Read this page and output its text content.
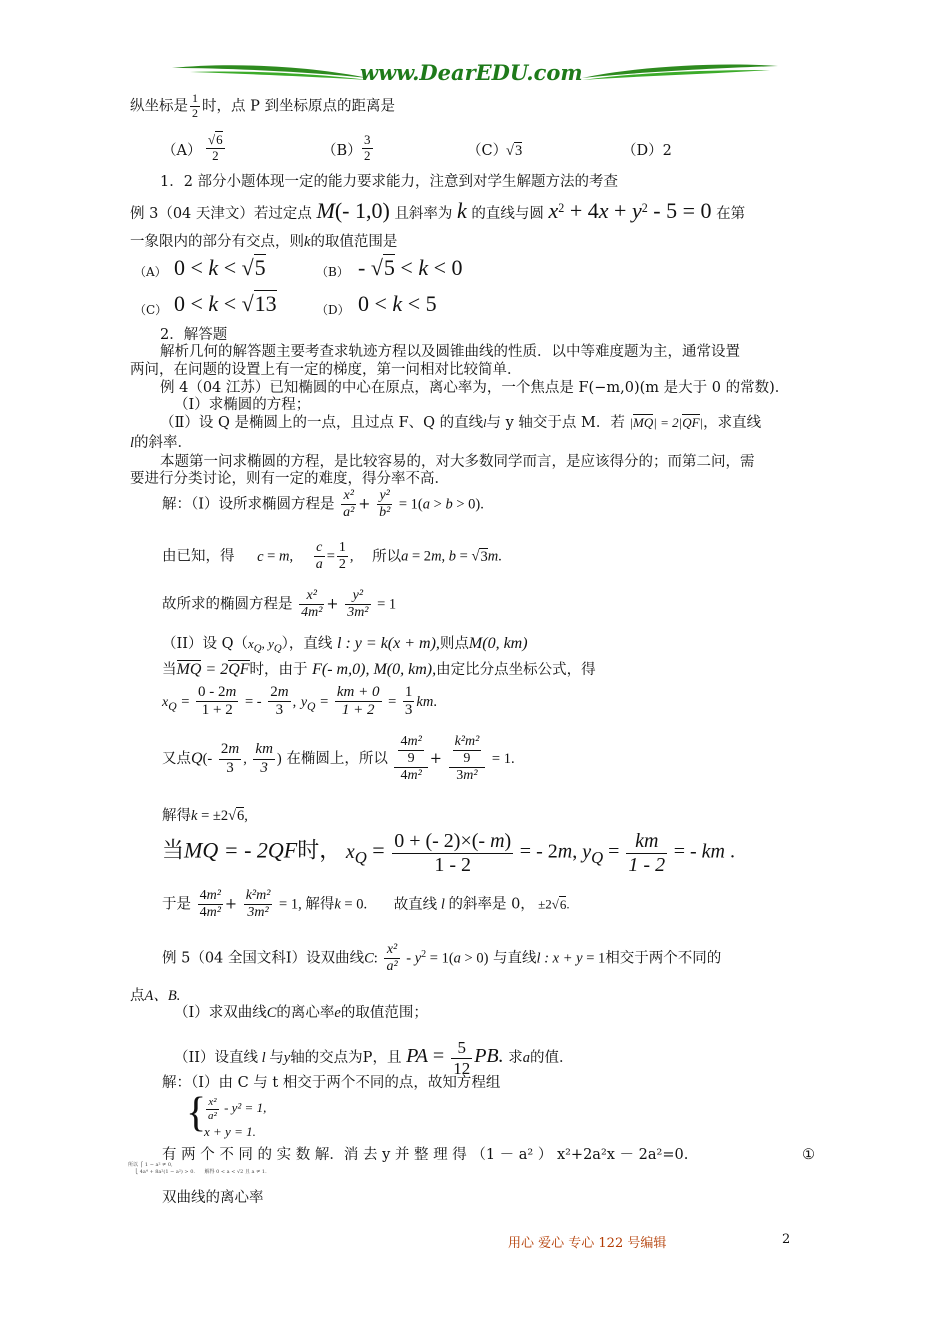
www.DearEDU.com
纵坐标是 $\frac{1}{2}$ 时，点 P 到坐标原点的距离是
$(A) \frac{√6}{2}$	$(B) \frac{3}{2}$	（C）
√3	（D）2
1．2 部分小题体现一定的能力要求能力，注意到对学生解题方法的考查
例 3（04 天津文）若过定点 M(- 1,0) 且斜率为 k 的直线与圆 $x^2 + 4x + y^2 - 5 = 0$ 在第
一象限内的部分有交点，则k的取值范围是
（A） 0 < k < √5	（B） - √5 < k < 0
（C） 0 < k < √13	（D） 0 < k < 5
2．解答题
解析几何的解答题主要考查求轨迹方程以及圆锥曲线的性质．以中等难度题为主，通常设置
两问，在问题的设置上有一定的梯度，第一问相对比较简单．
例 4（04 江苏）已知椭圆的中心在原点，离心率为，一个焦点是 F(−m,0)(m 是大于 0 的常数)．
（Ⅰ）求椭圆的方程；
（Ⅱ）设 Q 是椭圆上的一点，且过点 F、Q 的直线l与 y 轴交于点 M．若 |MQ| = 2|QF|，求直线
l的斜率．
本题第一问求椭圆的方程，是比较容易的，对大多数同学而言，是应该得分的；而第二问，需
要进行分类讨论，则有一定的难度，得分率不高．
解：（I）设所求椭圆方程是 $\frac{\text{x²}}{\text{a²}} + \frac{\text{y²}}{\text{b²}} = 1(a > b > 0)$.
由已知，得 c = m, $\frac{c}{a} = \frac{1}{2}$ , 所以a = 2m, b = √3m.
故所求的椭圆方程是 $\frac{\text{x²}}{\text{4m²}} + \frac{\text{y²}}{\text{3m²}} = 1$
（II）设 $Q(x_Q$, $y_Q$），直线 l : y = k(x + m),则点M(0, km)
当MQ = 2QF时，由于 F(- m,0), M(0, km),由定比分点坐标公式，得
$x_Q = \frac{0 - 2m}{1 + 2}$ = - $\frac{2m}{3}$ , $y_Q = \frac{km + 0}{1 + 2} = \frac{1}{3}$ km.
又点$Q(- \frac{2m}{3}$ , $\frac{km}{3}$ ) 在椭圆上，所以 $\frac{\frac{\text{4m²}}{9}}{\text{4m²}} + \frac{\frac{\text{k²m²}}{9}}{\text{3m²}} = 1$.
解得k = ±2√6,
当MQ = - 2QF时， $x_Q = \frac{0 + (- 2)\times(- m)}{1 - 2}$ = - 2m, $y_Q = \frac{km}{1 - 2}$ = - km .
于是 $\frac{\text{4m²}}{\text{4m²}} + \frac{\text{k²m²}}{\text{3m²}} = 1$, 解得k = 0. 故直线 l 的斜率是 0， ±2√6.
例 5（04 全国文科Ⅰ）设双曲线C: $\frac{\text{x²}}{\text{a²}} - y^2 = 1(a > 0)$ 与直线l : x + y = 1相交于两个不同的
点A、B.
（I）求双曲线C的离心率e的取值范围；
（II）设直线 l 与y轴的交点为P，且 PA = $\frac{5}{12}$ PB. 求a的值．
解：（I）由 C 与 t 相交于两个不同的点，故知方程组
{ $\frac{\text{x²}}{\text{a²}} - y^2 = 1$,
x + y = 1.
有 两 个 不 同 的 实 数 解．消 去 y 并 整 理 得 （1 － a² ） x²+2a²x － 2a²=0.	①
所以 ⎧ 1 − a² ≠ 0,
⎩ 4a⁴ + 8a²(1 − a²) > 0.      解得 0 < a < √2 且 a ≠ 1.
双曲线的离心率
用心 爱心 专心 122 号编辑	2
